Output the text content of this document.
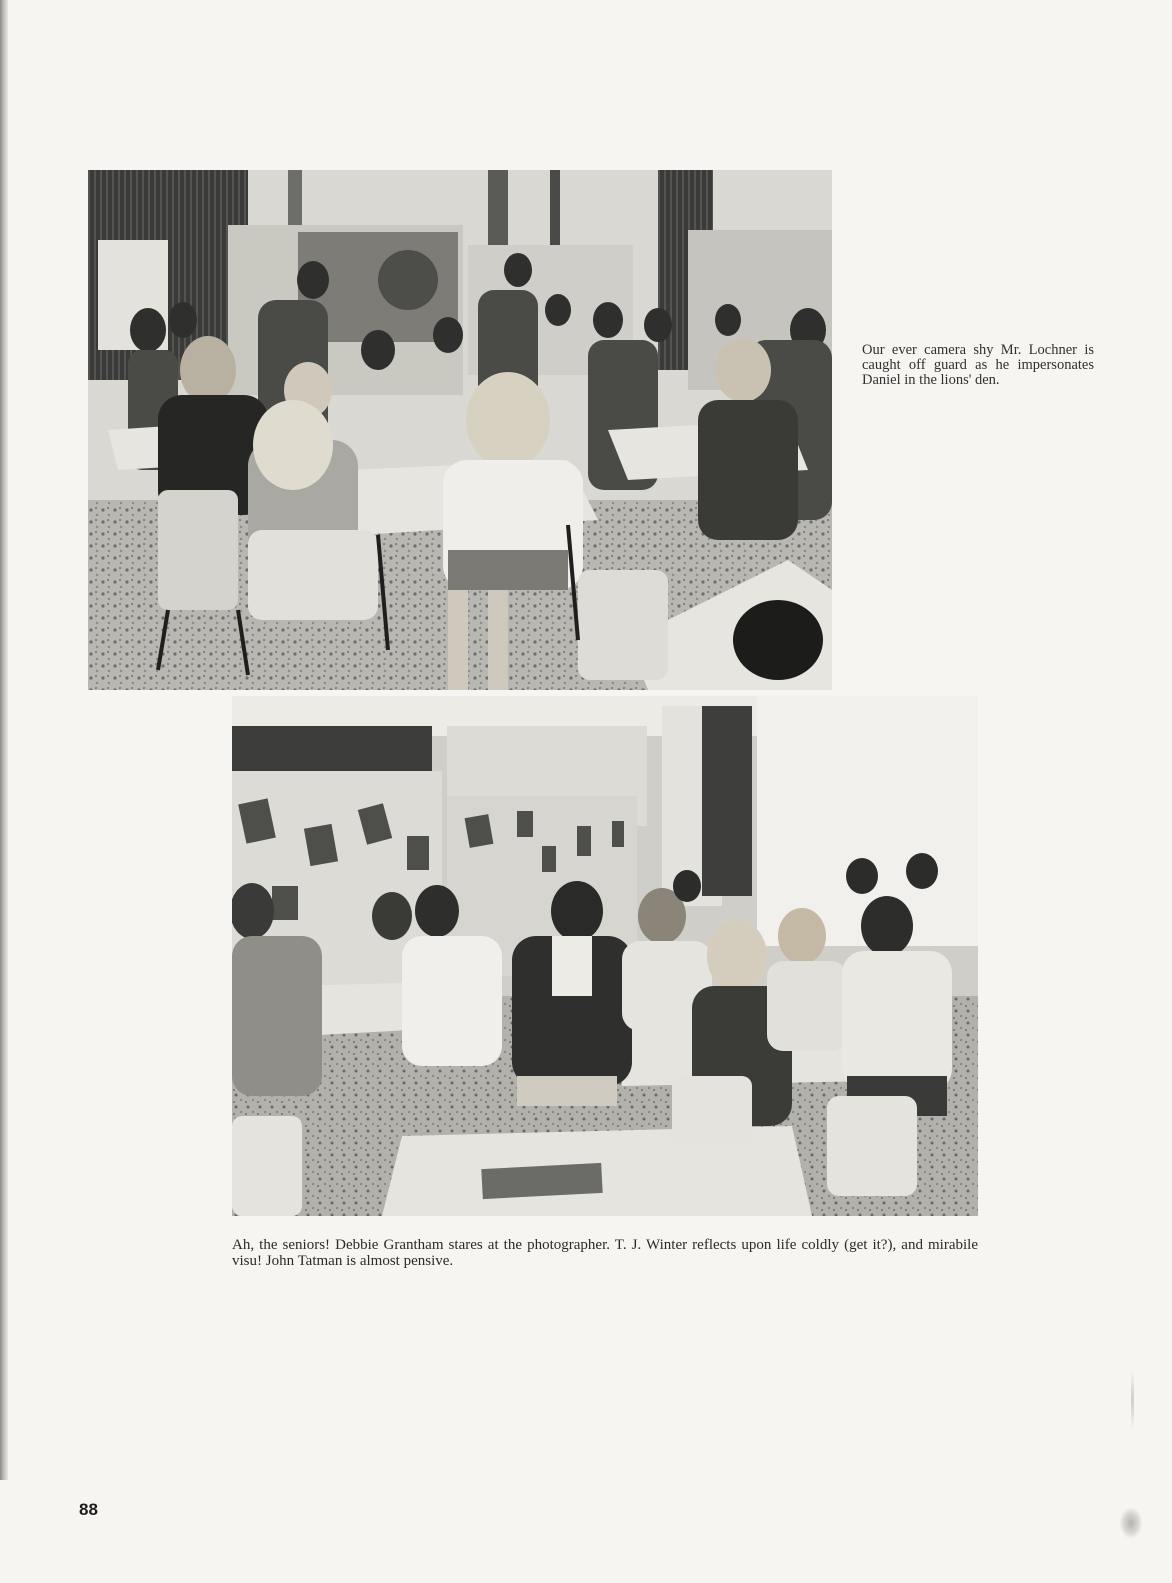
Our ever camera shy Mr. Lochner is caught off guard as he impersonates Daniel in the lions' den.
Ah, the seniors! Debbie Grantham stares at the photographer. T. J. Winter reflects upon life coldly (get it?), and mirabile visu! John Tatman is almost pensive.
88
